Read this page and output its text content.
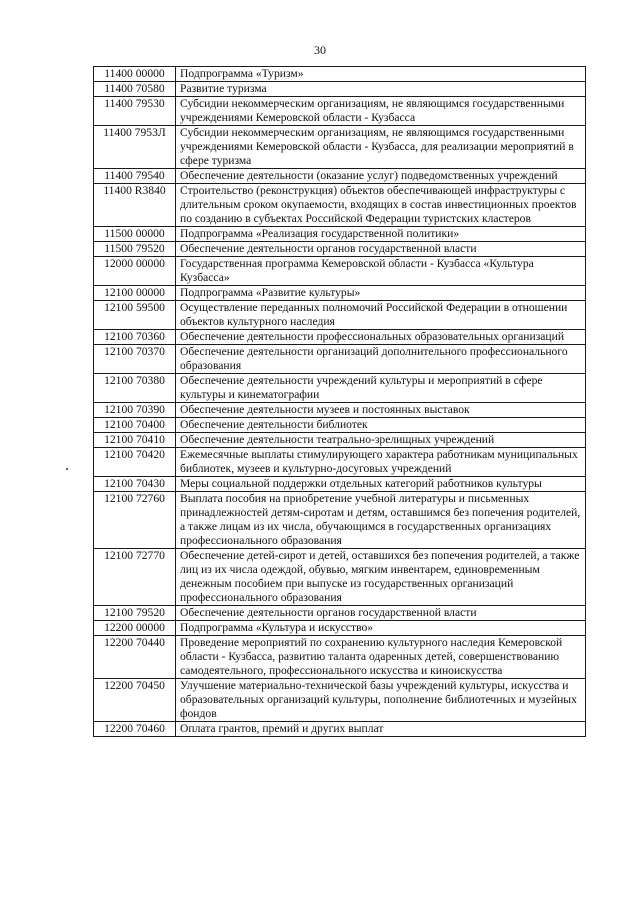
30
11400 00000	Подпрограмма «Туризм»
11400 70580	Развитие туризма
11400 79530	Субсидии некоммерческим организациям, не являющимся государственными учреждениями Кемеровской области - Кузбасса
11400 7953Л	Субсидии некоммерческим организациям, не являющимся государственными учреждениями Кемеровской области - Кузбасса, для реализации мероприятий в сфере туризма
11400 79540	Обеспечение деятельности (оказание услуг) подведомственных учреждений
11400 R3840	Строительство (реконструкция) объектов обеспечивающей инфраструктуры с длительным сроком окупаемости, входящих в состав инвестиционных проектов по созданию в субъектах Российской Федерации туристских кластеров
11500 00000	Подпрограмма «Реализация государственной политики»
11500 79520	Обеспечение деятельности органов государственной власти
12000 00000	Государственная программа Кемеровской области - Кузбасса «Культура Кузбасса»
12100 00000	Подпрограмма «Развитие культуры»
12100 59500	Осуществление переданных полномочий Российской Федерации в отношении объектов культурного наследия
12100 70360	Обеспечение деятельности профессиональных образовательных организаций
12100 70370	Обеспечение деятельности организаций дополнительного профессионального образования
12100 70380	Обеспечение деятельности учреждений культуры и мероприятий в сфере культуры и кинематографии
12100 70390	Обеспечение деятельности музеев и постоянных выставок
12100 70400	Обеспечение деятельности библиотек
12100 70410	Обеспечение деятельности театрально-зрелищных учреждений
12100 70420	Ежемесячные выплаты стимулирующего характера работникам муниципальных библиотек, музеев и культурно-досуговых учреждений
12100 70430	Меры социальной поддержки отдельных категорий работников культуры
12100 72760	Выплата пособия на приобретение учебной литературы и письменных принадлежностей детям-сиротам и детям, оставшимся без попечения родителей, а также лицам из их числа, обучающимся в государственных организациях профессионального образования
12100 72770	Обеспечение детей-сирот и детей, оставшихся без попечения родителей, а также лиц из их числа одеждой, обувью, мягким инвентарем, единовременным денежным пособием при выпуске из государственных организаций профессионального образования
12100 79520	Обеспечение деятельности органов государственной власти
12200 00000	Подпрограмма «Культура и искусство»
12200 70440	Проведение мероприятий по сохранению культурного наследия Кемеровской области - Кузбасса, развитию таланта одаренных детей, совершенствованию самодеятельного, профессионального искусства и киноискусства
12200 70450	Улучшение материально-технической базы учреждений культуры, искусства и образовательных организаций культуры, пополнение библиотечных и музейных фондов
12200 70460	Оплата грантов, премий и других выплат
